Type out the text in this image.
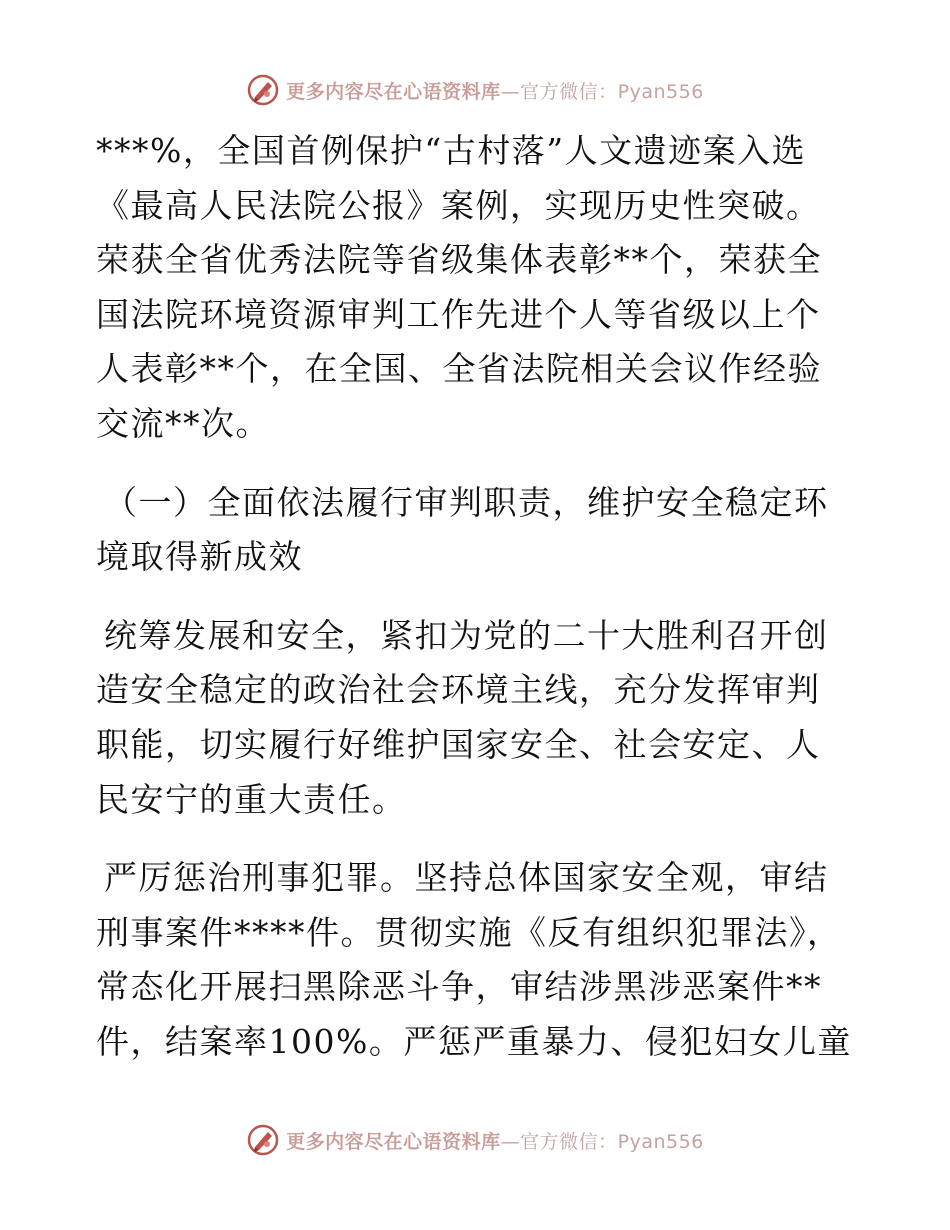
更多内容尽在心语资料库—官方微信：Pyan556

***%，全国首例保护“古村落”人文遗迹案入选《最高人民法院公报》案例，实现历史性突破。荣获全省优秀法院等省级集体表彰**个，荣获全国法院环境资源审判工作先进个人等省级以上个人表彰**个，在全国、全省法院相关会议作经验交流**次。

（一）全面依法履行审判职责，维护安全稳定环境取得新成效

统筹发展和安全，紧扣为党的二十大胜利召开创造安全稳定的政治社会环境主线，充分发挥审判职能，切实履行好维护国家安全、社会安定、人民安宁的重大责任。

严厉惩治刑事犯罪。坚持总体国家安全观，审结刑事案件****件。贯彻实施《反有组织犯罪法》，常态化开展扫黑除恶斗争，审结涉黑涉恶案件**件，结案率100%。严惩严重暴力、侵犯妇女儿童

更多内容尽在心语资料库—官方微信：Pyan556
